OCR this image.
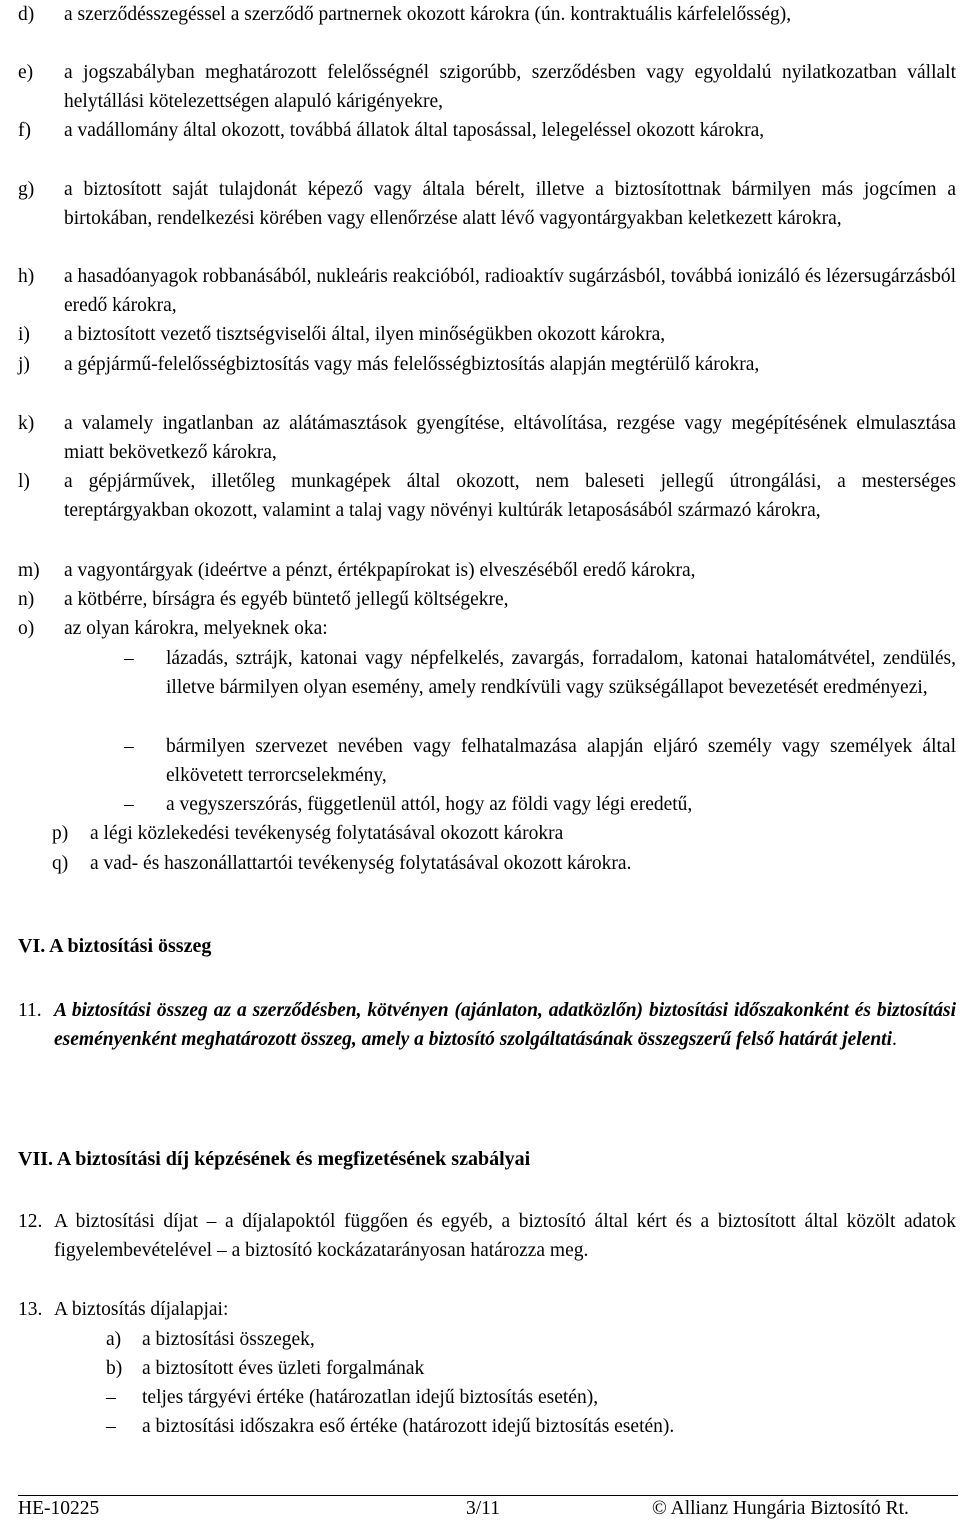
d) a szerződésszegéssel a szerződő partnernek okozott károkra (ún. kontraktuális kárfelelősség),
e) a jogszabályban meghatározott felelősségnél szigorúbb, szerződésben vagy egyoldalú nyilatkozatban vállalt helytállási kötelezettségen alapuló kárigényekre,
f) a vadállomány által okozott, továbbá állatok által taposással, lelegeléssel okozott károkra,
g) a biztosított saját tulajdonát képező vagy általa bérelt, illetve a biztosítottnak bármilyen más jogcímen a birtokában, rendelkezési körében vagy ellenőrzése alatt lévő vagyontárgyakban keletkezett károkra,
h) a hasadóanyagok robbanásából, nukleáris reakcióból, radioaktív sugárzásból, továbbá ionizáló és lézersugárzásból eredő károkra,
i) a biztosított vezető tisztségviselői által, ilyen minőségükben okozott károkra,
j) a gépjármű-felelősségbiztosítás vagy más felelősségbiztosítás alapján megtérülő károkra,
k) a valamely ingatlanban az alátámasztások gyengítése, eltávolítása, rezgése vagy megépítésének elmulasztása miatt bekövetkező károkra,
l) a gépjárművek, illetőleg munkagépek által okozott, nem baleseti jellegű útrongálási, a mesterséges tereptárgyakban okozott, valamint a talaj vagy növényi kultúrák letaposásából származó károkra,
m) a vagyontárgyak (ideértve a pénzt, értékpapírokat is) elveszéséből eredő károkra,
n) a kötbérre, bírságra és egyéb büntető jellegű költségekre,
o) az olyan károkra, melyeknek oka:
– lázadás, sztrájk, katonai vagy népfelkelés, zavargás, forradalom, katonai hatalomátvétel, zendülés, illetve bármilyen olyan esemény, amely rendkívüli vagy szükségállapot bevezetését eredményezi,
– bármilyen szervezet nevében vagy felhatalmazása alapján eljáró személy vagy személyek által elkövetett terrorcselekmény,
– a vegyszerszórás, függetlenül attól, hogy az földi vagy légi eredetű,
p) a légi közlekedési tevékenység folytatásával okozott károkra
q) a vad- és haszonállattartói tevékenység folytatásával okozott károkra.
VI. A biztosítási összeg
11. A biztosítási összeg az a szerződésben, kötvényen (ajánlaton, adatközlőn) biztosítási időszakonként és biztosítási eseményenként meghatározott összeg, amely a biztosító szolgáltatásának összegszerű felső határát jelenti.
VII. A biztosítási díj képzésének és megfizetésének szabályai
12. A biztosítási díjat – a díjalapoktól függően és egyéb, a biztosító által kért és a biztosított által közölt adatok figyelembevételével – a biztosító kockázatarányosan határozza meg.
13. A biztosítás díjalapjai:
a) a biztosítási összegek,
b) a biztosított éves üzleti forgalmának
– teljes tárgyévi értéke (határozatlan idejű biztosítás esetén),
– a biztosítási időszakra eső értéke (határozott idejű biztosítás esetén).
HE-10225	3/11	© Allianz Hungária Biztosító Rt.
